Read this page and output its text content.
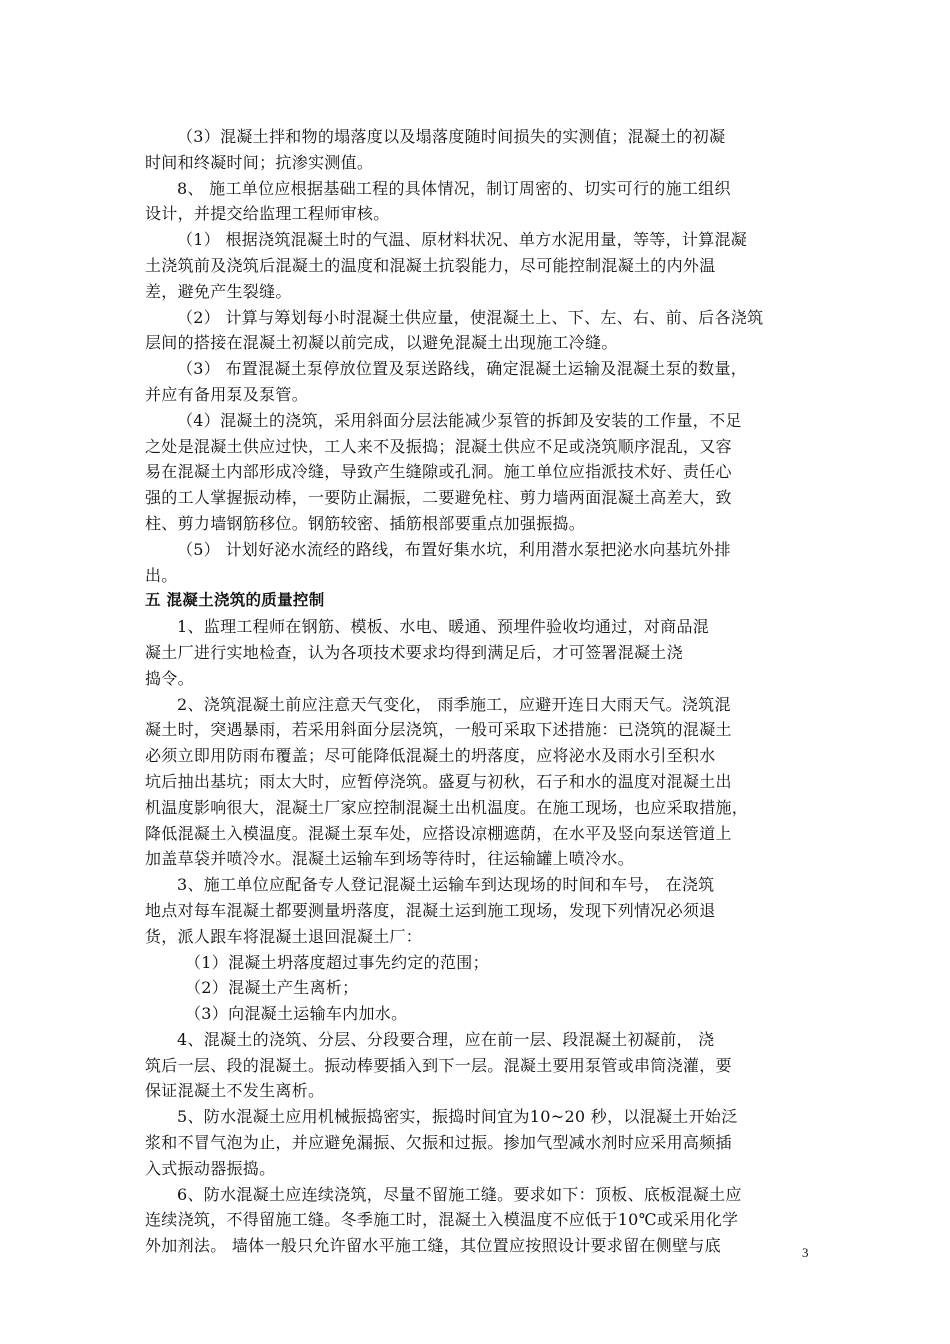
（3）混凝土拌和物的塌落度以及塌落度随时间损失的实测值；混凝土的初凝
时间和终凝时间；抗渗实测值。
8、 施工单位应根据基础工程的具体情况，制订周密的、切实可行的施工组织
设计，并提交给监理工程师审核。
（1） 根据浇筑混凝土时的气温、原材料状况、单方水泥用量，等等，计算混凝
土浇筑前及浇筑后混凝土的温度和混凝土抗裂能力，尽可能控制混凝土的内外温
差，避免产生裂缝。
（2） 计算与筹划每小时混凝土供应量，使混凝土上、下、左、右、前、后各浇筑
层间的搭接在混凝土初凝以前完成，以避免混凝土出现施工冷缝。
（3） 布置混凝土泵停放位置及泵送路线，确定混凝土运输及混凝土泵的数量，
并应有备用泵及泵管。
（4）混凝土的浇筑，采用斜面分层法能减少泵管的拆卸及安装的工作量，不足
之处是混凝土供应过快，工人来不及振捣；混凝土供应不足或浇筑顺序混乱，又容
易在混凝土内部形成冷缝，导致产生缝隙或孔洞。施工单位应指派技术好、责任心
强的工人掌握振动棒，一要防止漏振，二要避免柱、剪力墙两面混凝土高差大，致
柱、剪力墙钢筋移位。钢筋较密、插筋根部要重点加强振捣。
（5） 计划好泌水流经的路线，布置好集水坑，利用潜水泵把泌水向基坑外排
出。
五 混凝土浇筑的质量控制
1、监理工程师在钢筋、模板、水电、暖通、预埋件验收均通过，对商品混
凝土厂进行实地检查，认为各项技术要求均得到满足后，才可签署混凝土浇
捣令。
2、浇筑混凝土前应注意天气变化， 雨季施工，应避开连日大雨天气。浇筑混
凝土时，突遇暴雨，若采用斜面分层浇筑，一般可采取下述措施：已浇筑的混凝土
必须立即用防雨布覆盖；尽可能降低混凝土的坍落度，应将泌水及雨水引至积水
坑后抽出基坑；雨太大时，应暂停浇筑。盛夏与初秋，石子和水的温度对混凝土出
机温度影响很大，混凝土厂家应控制混凝土出机温度。在施工现场，也应采取措施，
降低混凝土入模温度。混凝土泵车处，应搭设凉棚遮荫，在水平及竖向泵送管道上
加盖草袋并喷冷水。混凝土运输车到场等待时，往运输罐上喷冷水。
3、施工单位应配备专人登记混凝土运输车到达现场的时间和车号， 在浇筑
地点对每车混凝土都要测量坍落度，混凝土运到施工现场，发现下列情况必须退
货，派人跟车将混凝土退回混凝土厂：
（1）混凝土坍落度超过事先约定的范围；
（2）混凝土产生离析；
（3）向混凝土运输车内加水。
4、混凝土的浇筑、分层、分段要合理，应在前一层、段混凝土初凝前， 浇
筑后一层、段的混凝土。振动棒要插入到下一层。混凝土要用泵管或串筒浇灌，要
保证混凝土不发生离析。
5、防水混凝土应用机械振捣密实，振捣时间宜为10~20 秒，以混凝土开始泛
浆和不冒气泡为止，并应避免漏振、欠振和过振。掺加气型减水剂时应采用高频插
入式振动器振捣。
6、防水混凝土应连续浇筑，尽量不留施工缝。要求如下：顶板、底板混凝土应
连续浇筑，不得留施工缝。冬季施工时，混凝土入模温度不应低于10℃或采用化学
外加剂法。 墙体一般只允许留水平施工缝，其位置应按照设计要求留在侧壁与底	3
